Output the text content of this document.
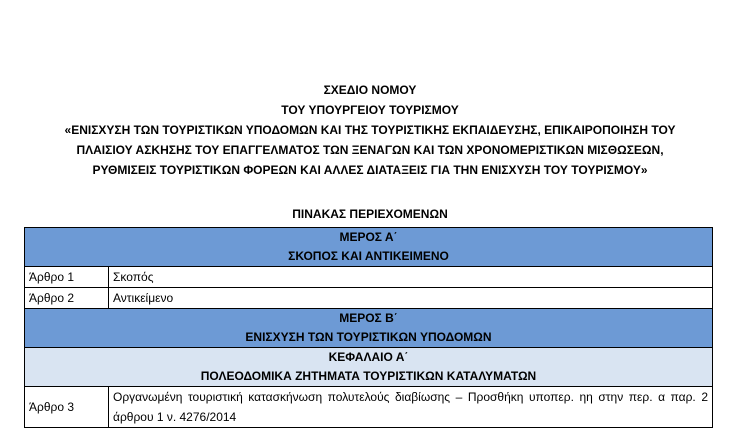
ΣΧΕΔΙΟ ΝΟΜΟΥ
ΤΟΥ ΥΠΟΥΡΓΕΙΟΥ ΤΟΥΡΙΣΜΟΥ
«ΕΝΙΣΧΥΣΗ ΤΩΝ ΤΟΥΡΙΣΤΙΚΩΝ ΥΠΟΔΟΜΩΝ ΚΑΙ ΤΗΣ ΤΟΥΡΙΣΤΙΚΗΣ ΕΚΠΑΙΔΕΥΣΗΣ, ΕΠΙΚΑΙΡΟΠΟΙΗΣΗ ΤΟΥ
ΠΛΑΙΣΙΟΥ ΑΣΚΗΣΗΣ ΤΟΥ ΕΠΑΓΓΕΛΜΑΤΟΣ ΤΩΝ ΞΕΝΑΓΩΝ ΚΑΙ ΤΩΝ ΧΡΟΝΟΜΕΡΙΣΤΙΚΩΝ ΜΙΣΘΩΣΕΩΝ,
ΡΥΘΜΙΣΕΙΣ ΤΟΥΡΙΣΤΙΚΩΝ ΦΟΡΕΩΝ ΚΑΙ ΑΛΛΕΣ ΔΙΑΤΑΞΕΙΣ ΓΙΑ ΤΗΝ ΕΝΙΣΧΥΣΗ ΤΟΥ ΤΟΥΡΙΣΜΟΥ»
ΠΙΝΑΚΑΣ ΠΕΡΙΕΧΟΜΕΝΩΝ
ΜΕΡΟΣ Α΄
ΣΚΟΠΟΣ ΚΑΙ ΑΝΤΙΚΕΙΜΕΝΟ	

Άρθρο 1	Σκοπός
Άρθρο 2	Αντικείμενο

ΜΕΡΟΣ Β΄
ΕΝΙΣΧΥΣΗ ΤΩΝ ΤΟΥΡΙΣΤΙΚΩΝ ΥΠΟΔΟΜΩΝ	

ΚΕΦΑΛΑΙΟ Α΄
ΠΟΛΕΟΔΟΜΙΚΑ ΖΗΤΗΜΑΤΑ ΤΟΥΡΙΣΤΙΚΩΝ ΚΑΤΑΛΥΜΑΤΩΝ	

Άρθρο 3	Οργανωμένη τουριστική κατασκήνωση πολυτελούς διαβίωσης – Προσθήκη υποπερ. ηη στην περ. α παρ. 2 άρθρου 1 ν. 4276/2014
